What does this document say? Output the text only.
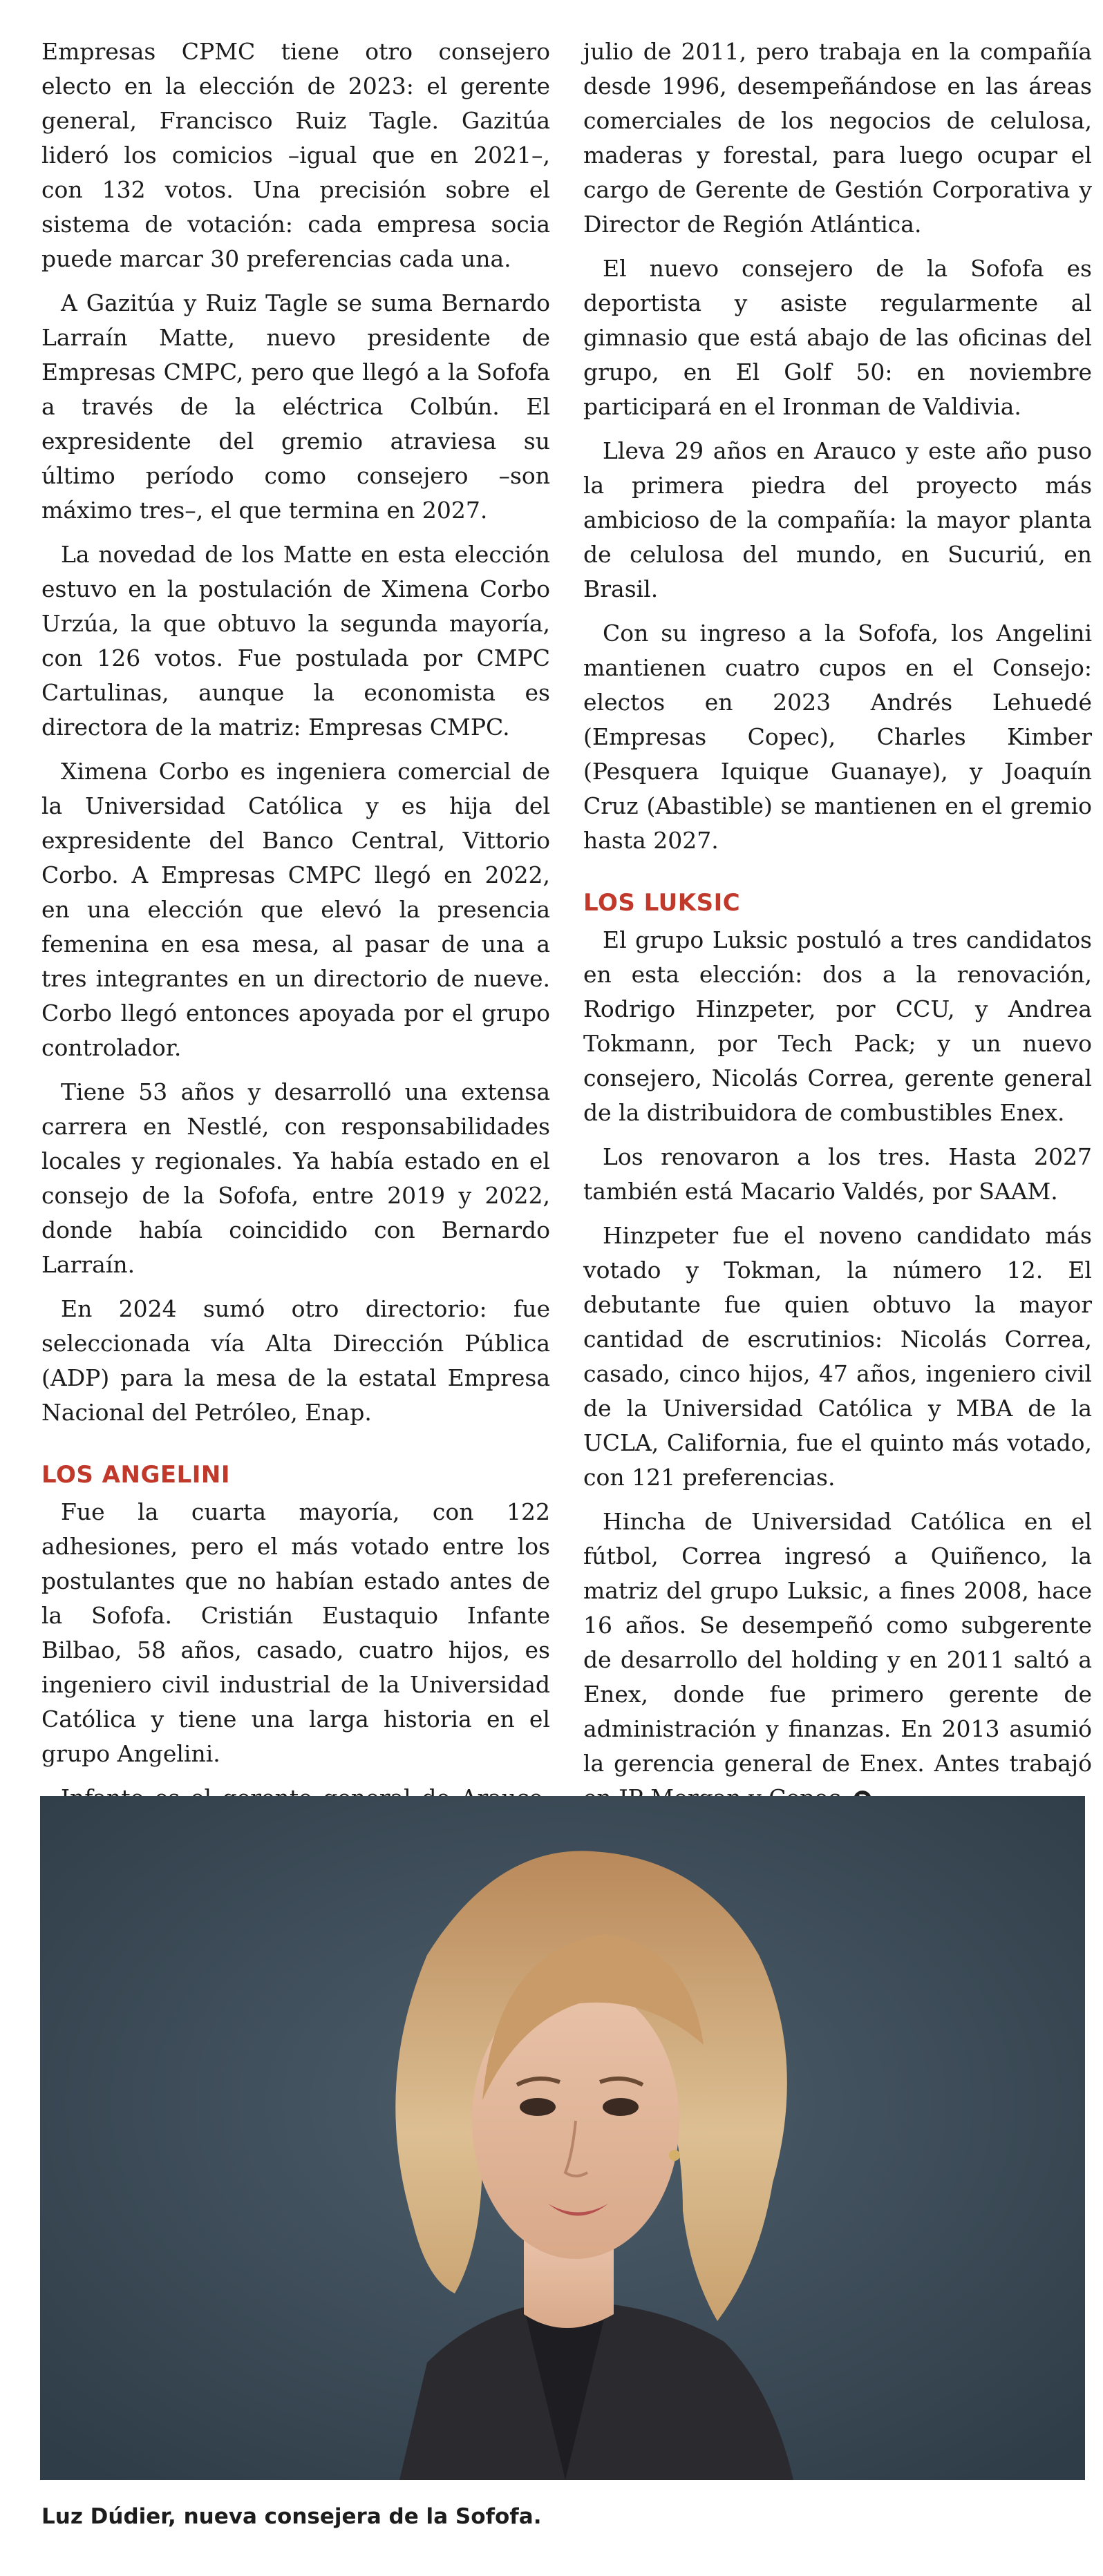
Empresas CPMC tiene otro consejero electo en la elección de 2023: el gerente general, Francisco Ruiz Tagle. Gazitúa lideró los comicios –igual que en 2021–, con 132 votos. Una precisión sobre el sistema de votación: cada empresa socia puede marcar 30 preferencias cada una.

A Gazitúa y Ruiz Tagle se suma Bernardo Larraín Matte, nuevo presidente de Empresas CMPC, pero que llegó a la Sofofa a través de la eléctrica Colbún. El expresidente del gremio atraviesa su último período como consejero –son máximo tres–, el que termina en 2027.

La novedad de los Matte en esta elección estuvo en la postulación de Ximena Corbo Urzúa, la que obtuvo la segunda mayoría, con 126 votos. Fue postulada por CMPC Cartulinas, aunque la economista es directora de la matriz: Empresas CMPC.

Ximena Corbo es ingeniera comercial de la Universidad Católica y es hija del expresidente del Banco Central, Vittorio Corbo. A Empresas CMPC llegó en 2022, en una elección que elevó la presencia femenina en esa mesa, al pasar de una a tres integrantes en un directorio de nueve. Corbo llegó entonces apoyada por el grupo controlador.

Tiene 53 años y desarrolló una extensa carrera en Nestlé, con responsabilidades locales y regionales. Ya había estado en el consejo de la Sofofa, entre 2019 y 2022, donde había coincidido con Bernardo Larraín.

En 2024 sumó otro directorio: fue seleccionada vía Alta Dirección Pública (ADP) para la mesa de la estatal Empresa Nacional del Petróleo, Enap.

LOS ANGELINI

Fue la cuarta mayoría, con 122 adhesiones, pero el más votado entre los postulantes que no habían estado antes de la Sofofa. Cristián Eustaquio Infante Bilbao, 58 años, casado, cuatro hijos, es ingeniero civil industrial de la Universidad Católica y tiene una larga historia en el grupo Angelini.

julio de 2011, pero trabaja en la compañía desde 1996, desempeñándose en las áreas comerciales de los negocios de celulosa, maderas y forestal, para luego ocupar el cargo de Gerente de Gestión Corporativa y Director de Región Atlántica.

El nuevo consejero de la Sofofa es deportista y asiste regularmente al gimnasio que está abajo de las oficinas del grupo, en El Golf 50: en noviembre participará en el Ironman de Valdivia.

Lleva 29 años en Arauco y este año puso la primera piedra del proyecto más ambicioso de la compañía: la mayor planta de celulosa del mundo, en Sucuriú, en Brasil.

Con su ingreso a la Sofofa, los Angelini mantienen cuatro cupos en el Consejo: electos en 2023 Andrés Lehuedé (Empresas Copec), Charles Kimber (Pesquera Iquique Guanaye), y Joaquín Cruz (Abastible) se mantienen en el gremio hasta 2027.

LOS LUKSIC

El grupo Luksic postuló a tres candidatos en esta elección: dos a la renovación, Rodrigo Hinzpeter, por CCU, y Andrea Tokmann, por Tech Pack; y un nuevo consejero, Nicolás Correa, gerente general de la distribuidora de combustibles Enex.

Los renovaron a los tres. Hasta 2027 también está Macario Valdés, por SAAM.

Hinzpeter fue el noveno candidato más votado y Tokman, la número 12. El debutante fue quien obtuvo la mayor cantidad de escrutinios: Nicolás Correa, casado, cinco hijos, 47 años, ingeniero civil de la Universidad Católica y MBA de la UCLA, California, fue el quinto más votado, con 121 preferencias.

Hincha de Universidad Católica en el fútbol, Correa ingresó a Quiñenco, la matriz del grupo Luksic, a fines 2008, hace 16 años. Se desempeñó como subgerente de desarrollo del holding y en 2011 saltó a Enex, donde fue primero gerente de administración y finanzas. En 2013 asumió la gerencia general de Enex. Antes trabajó

Luz Dúdier, nueva consejera de la Sofofa.
